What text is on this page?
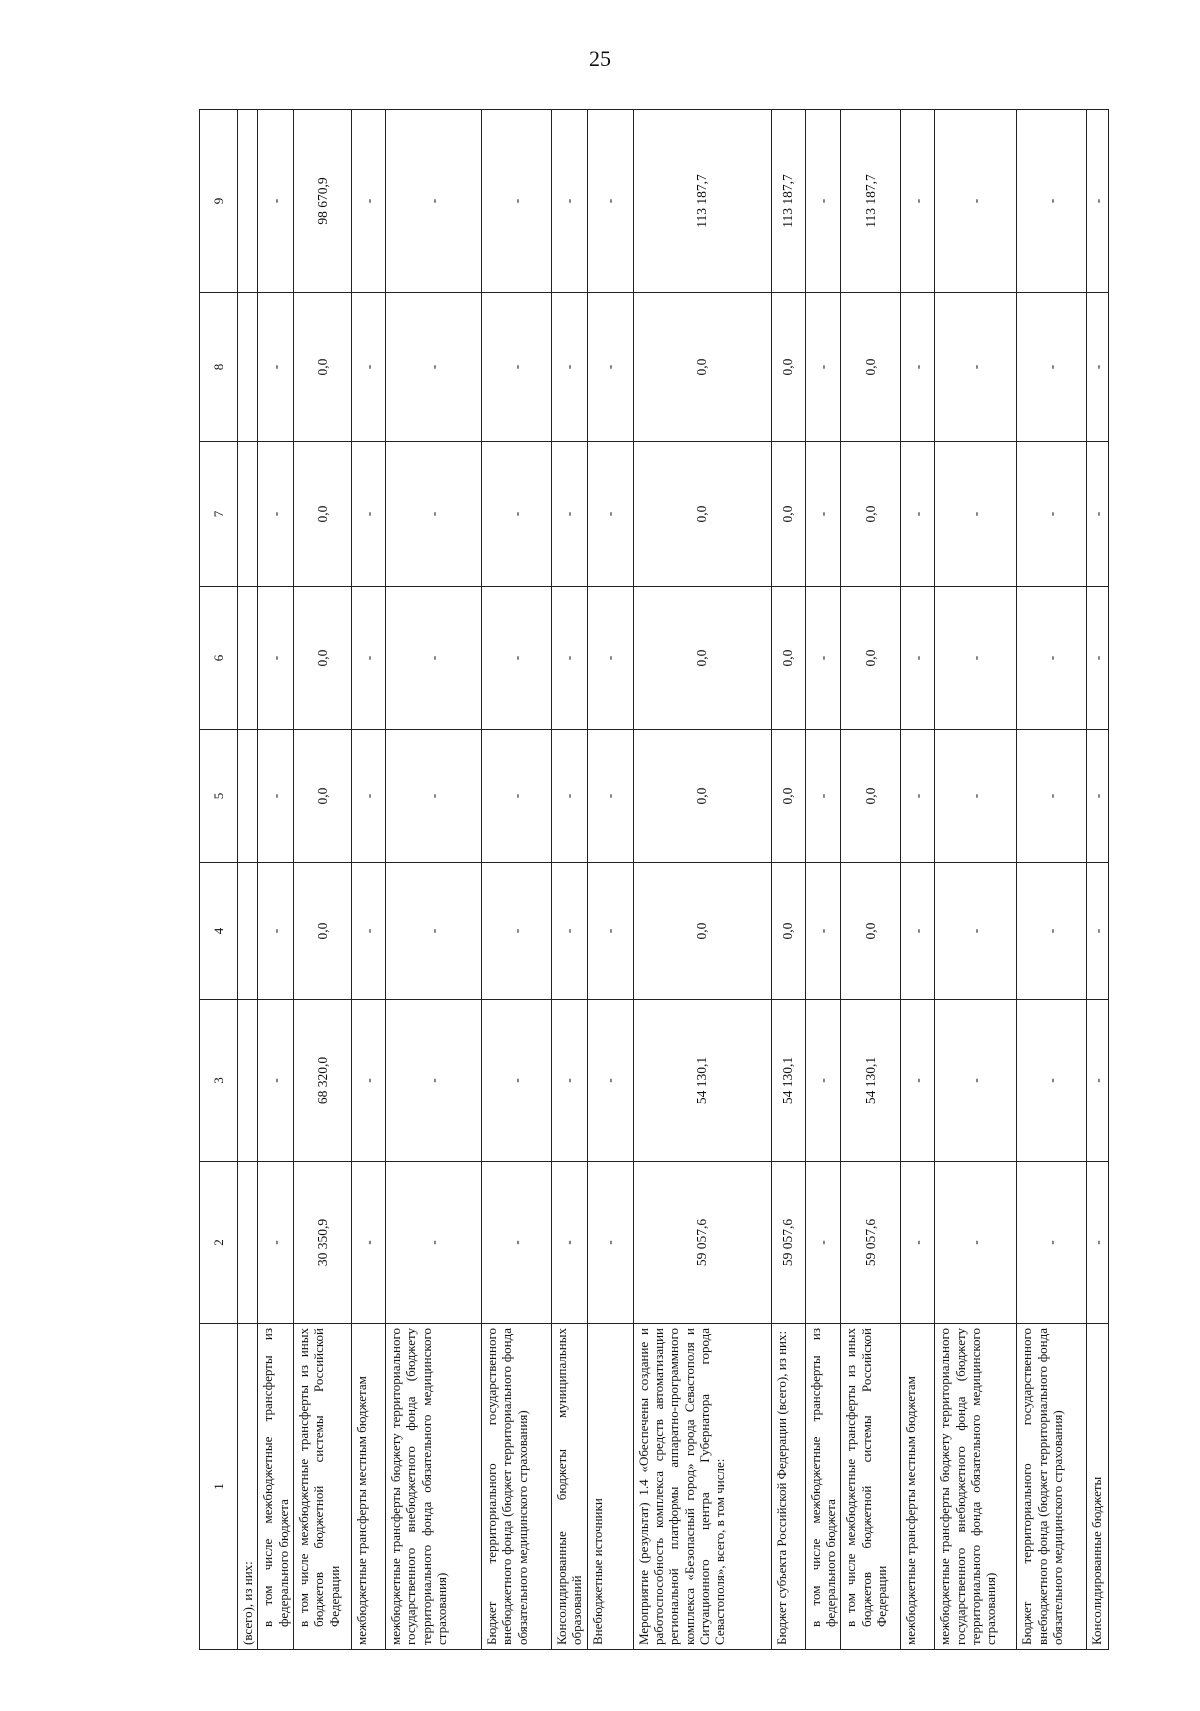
25
1	2	3	4	5	6	7	8	9
(всего), из них:								
в том числе межбюджетные трансферты из федерального бюджета	-	-	-	-	-	-	-	-
в том числе межбюджетные трансферты из иных бюджетов бюджетной системы Российской Федерации	30 350,9	68 320,0	0,0	0,0	0,0	0,0	0,0	98 670,9
межбюджетные трансферты местным бюджетам	-	-	-	-	-	-	-	-
межбюджетные трансферты бюджету территориального государственного внебюджетного фонда (бюджету территориального фонда обязательного медицинского страхования)	-	-	-	-	-	-	-	-
Бюджет территориального государственного внебюджетного фонда (бюджет территориального фонда обязательного медицинского страхования)	-	-	-	-	-	-	-	-
Консолидированные бюджеты муниципальных образований	-	-	-	-	-	-	-	-
Внебюджетные источники	-	-	-	-	-	-	-	-
Мероприятие (результат) 1.4 «Обеспечены создание и работоспособность комплекса средств автоматизации региональной платформы аппаратно-программного комплекса «Безопасный город» города Севастополя и Ситуационного центра Губернатора города Севастополя», всего, в том числе:	59 057,6	54 130,1	0,0	0,0	0,0	0,0	0,0	113 187,7
Бюджет субъекта Российской Федерации (всего), из них:	59 057,6	54 130,1	0,0	0,0	0,0	0,0	0,0	113 187,7
в том числе межбюджетные трансферты из федерального бюджета	-	-	-	-	-	-	-	-
в том числе межбюджетные трансферты из иных бюджетов бюджетной системы Российской Федерации	59 057,6	54 130,1	0,0	0,0	0,0	0,0	0,0	113 187,7
межбюджетные трансферты местным бюджетам	-	-	-	-	-	-	-	-
межбюджетные трансферты бюджету территориального государственного внебюджетного фонда (бюджету территориального фонда обязательного медицинского страхования)	-	-	-	-	-	-	-	-
Бюджет территориального государственного внебюджетного фонда (бюджет территориального фонда обязательного медицинского страхования)	-	-	-	-	-	-	-	-
Консолидированные бюджеты	-	-	-	-	-	-	-	-
